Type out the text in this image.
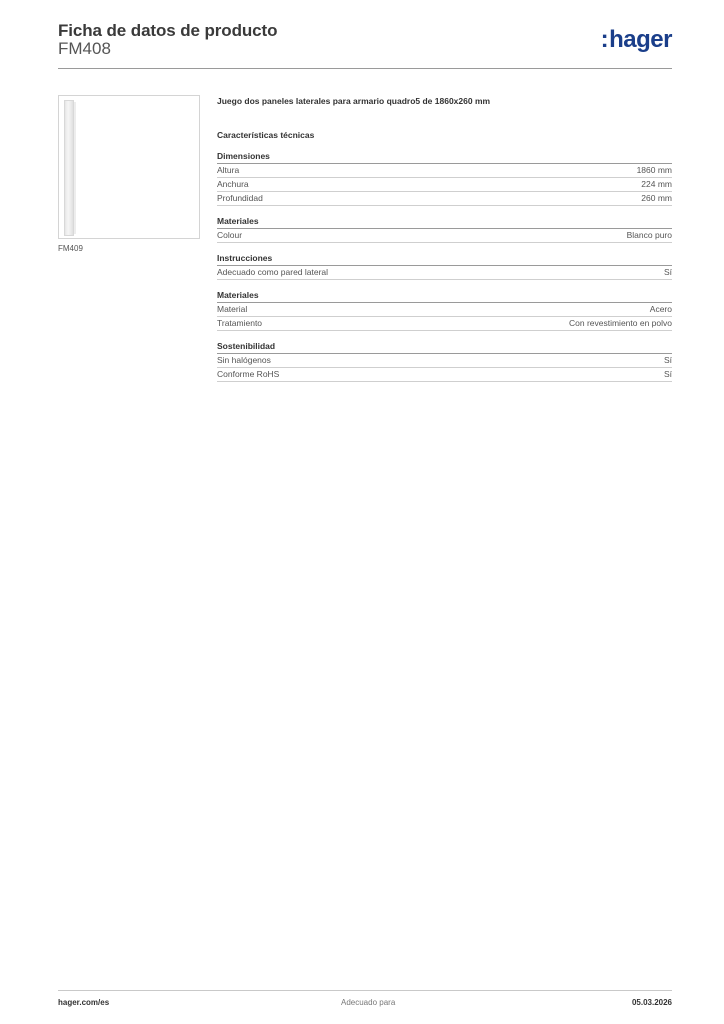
Ficha de datos de producto
FM408	:hager
FM409
Juego dos paneles laterales para armario quadro5 de 1860x260 mm
Características técnicas
Dimensiones
Altura	1860 mm
Anchura	224 mm
Profundidad	260 mm
Materiales
Colour	Blanco puro
Instrucciones
Adecuado como pared lateral	Sí
Materiales
Material	Acero
Tratamiento	Con revestimiento en polvo
Sostenibilidad
Sin halógenos	Sí
Conforme RoHS	Sí
hager.com/es	Adecuado para	05.03.2026
